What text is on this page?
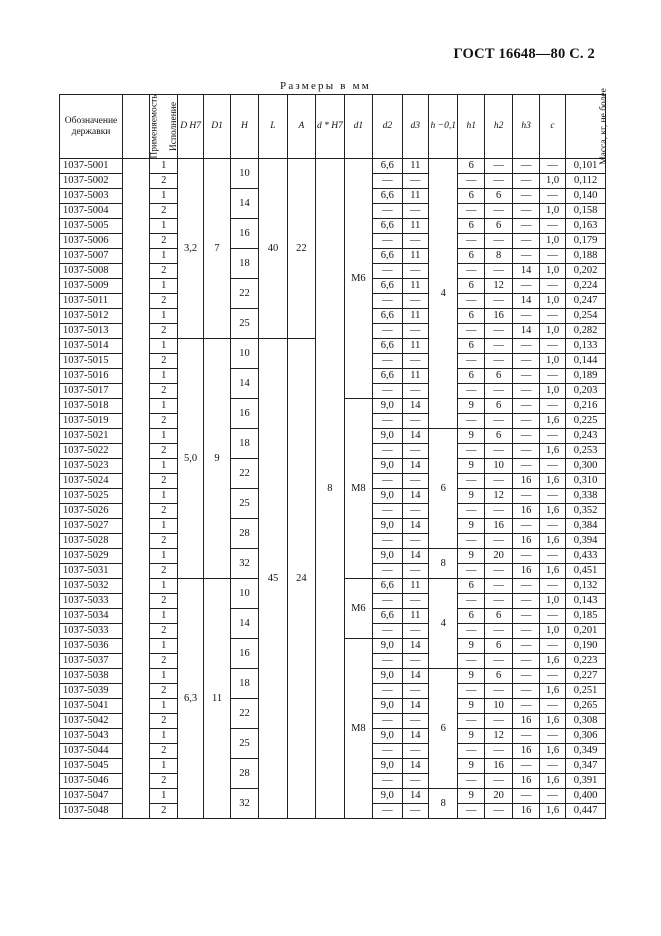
ГОСТ 16648—80 С. 2
Размеры в мм
Обозначение державки	Применяемость	Исполнение	D H7	D1	H	L	A	d * H7	d1	d2	d3	h −0,1	h1	h2	h3	c	Масса, кг, не более
1037-5001		1	3,2	7	10	40	22	8	M6	6,6	11	4	6	—	—	—	0,101
1037-5002		2								—	—		—	—	—	1,0	0,112
1037-5003		1			14					6,6	11		6	6	—	—	0,140
1037-5004		2								—	—		—	—	—	1,0	0,158
1037-5005		1			16					6,6	11		6	6	—	—	0,163
1037-5006		2								—	—		—	—	—	1,0	0,179
1037-5007		1			18					6,6	11		6	8	—	—	0,188
1037-5008		2								—	—		—	—	14	1,0	0,202
1037-5009		1			22					6,6	11		6	12	—	—	0,224
1037-5011		2								—	—		—	—	14	1,0	0,247
1037-5012		1			25					6,6	11		6	16	—	—	0,254
1037-5013		2								—	—		—	—	14	1,0	0,282
1037-5014		1	5,0	9	10	45	24			6,6	11		6	—	—	—	0,133
1037-5015		2								—	—		—	—	—	1,0	0,144
1037-5016		1			14					6,6	11		6	6	—	—	0,189
1037-5017		2								—	—		—	—	—	1,0	0,203
1037-5018		1			16				M8	9,0	14		9	6	—	—	0,216
1037-5019		2								—	—		—	—	—	1,6	0,225
1037-5021		1			18					9,0	14	6	9	6	—	—	0,243
1037-5022		2								—	—		—	—	—	1,6	0,253
1037-5023		1			22					9,0	14		9	10	—	—	0,300
1037-5024		2								—	—		—	—	16	1,6	0,310
1037-5025		1			25					9,0	14		9	12	—	—	0,338
1037-5026		2								—	—		—	—	16	1,6	0,352
1037-5027		1			28					9,0	14		9	16	—	—	0,384
1037-5028		2								—	—		—	—	16	1,6	0,394
1037-5029		1			32					9,0	14	8	9	20	—	—	0,433
1037-5031		2								—	—		—	—	16	1,6	0,451
1037-5032		1	6,3	11	10				M6	6,6	11	4	6	—	—	—	0,132
1037-5033		2								—	—		—	—	—	1,0	0,143
1037-5034		1			14					6,6	11		6	6	—	—	0,185
1037-5033		2								—	—		—	—	—	1,0	0,201
1037-5036		1			16				M8	9,0	14		9	6	—	—	0,190
1037-5037		2								—	—		—	—	—	1,6	0,223
1037-5038		1			18					9,0	14	6	9	6	—	—	0,227
1037-5039		2								—	—		—	—	—	1,6	0,251
1037-5041		1			22					9,0	14		9	10	—	—	0,265
1037-5042		2								—	—		—	—	16	1,6	0,308
1037-5043		1			25					9,0	14		9	12	—	—	0,306
1037-5044		2								—	—		—	—	16	1,6	0,349
1037-5045		1			28					9,0	14		9	16	—	—	0,347
1037-5046		2								—	—		—	—	16	1,6	0,391
1037-5047		1			32					9,0	14	8	9	20	—	—	0,400
1037-5048		2								—	—		—	—	16	1,6	0,447
